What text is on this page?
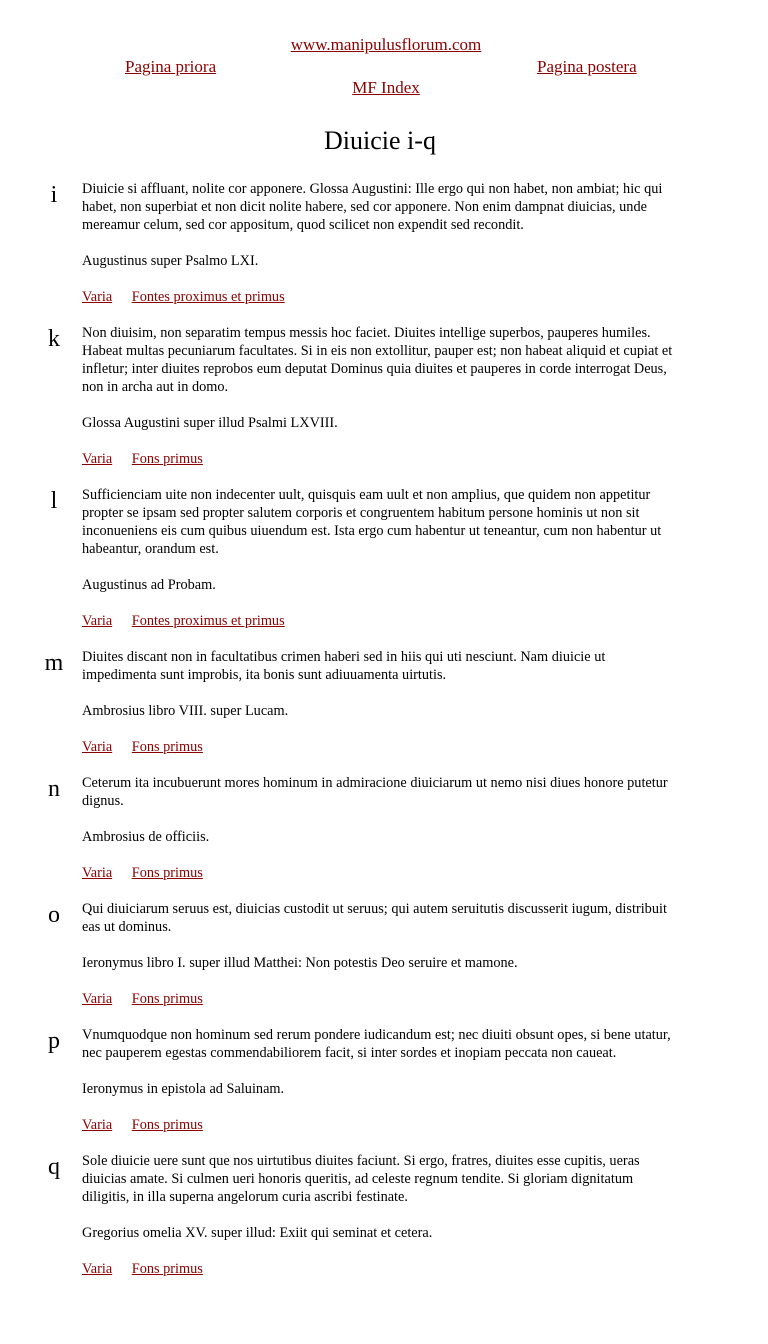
www.manipulusflorum.com
Pagina priora	Pagina postera
MF Index
Diuicie i-q
i	Diuicie si affluant, nolite cor apponere. Glossa Augustini: Ille ergo qui non habet, non ambiat; hic qui habet, non superbiat et non dicit nolite habere, sed cor apponere. Non enim dampnat diuicias, unde mereamur celum, sed cor appositum, quod scilicet non expendit sed recondit.

Augustinus super Psalmo LXI.

Varia Fontes proximus et primus

k	Non diuisim, non separatim tempus messis hoc faciet. Diuites intellige superbos, pauperes humiles. Habeat multas pecuniarum facultates. Si in eis non extollitur, pauper est; non habeat aliquid et cupiat et infletur; inter diuites reprobos eum deputat Dominus quia diuites et pauperes in corde interrogat Deus, non in archa aut in domo.

Glossa Augustini super illud Psalmi LXVIII.

Varia Fons primus

l	Sufficienciam uite non indecenter uult, quisquis eam uult et non amplius, que quidem non appetitur propter se ipsam sed propter salutem corporis et congruentem habitum persone hominis ut non sit inconueniens eis cum quibus uiuendum est. Ista ergo cum habentur ut teneantur, cum non habentur ut habeantur, orandum est.

Augustinus ad Probam.

Varia Fontes proximus et primus

m	Diuites discant non in facultatibus crimen haberi sed in hiis qui uti nesciunt. Nam diuicie ut impedimenta sunt improbis, ita bonis sunt adiuuamenta uirtutis.

Ambrosius libro VIII. super Lucam.

Varia Fons primus

n	Ceterum ita incubuerunt mores hominum in admiracione diuiciarum ut nemo nisi diues honore putetur dignus.

Ambrosius de officiis.

Varia Fons primus

o	Qui diuiciarum seruus est, diuicias custodit ut seruus; qui autem seruitutis discusserit iugum, distribuit eas ut dominus.

Ieronymus libro I. super illud Matthei: Non potestis Deo seruire et mamone.

Varia Fons primus

p	Vnumquodque non hominum sed rerum pondere iudicandum est; nec diuiti obsunt opes, si bene utatur, nec pauperem egestas commendabiliorem facit, si inter sordes et inopiam peccata non caueat.

Ieronymus in epistola ad Saluinam.

Varia Fons primus

q	Sole diuicie uere sunt que nos uirtutibus diuites faciunt. Si ergo, fratres, diuites esse cupitis, ueras diuicias amate. Si culmen ueri honoris queritis, ad celeste regnum tendite. Si gloriam dignitatum diligitis, in illa superna angelorum curia ascribi festinate.

Gregorius omelia XV. super illud: Exiit qui seminat et cetera.

Varia Fons primus
